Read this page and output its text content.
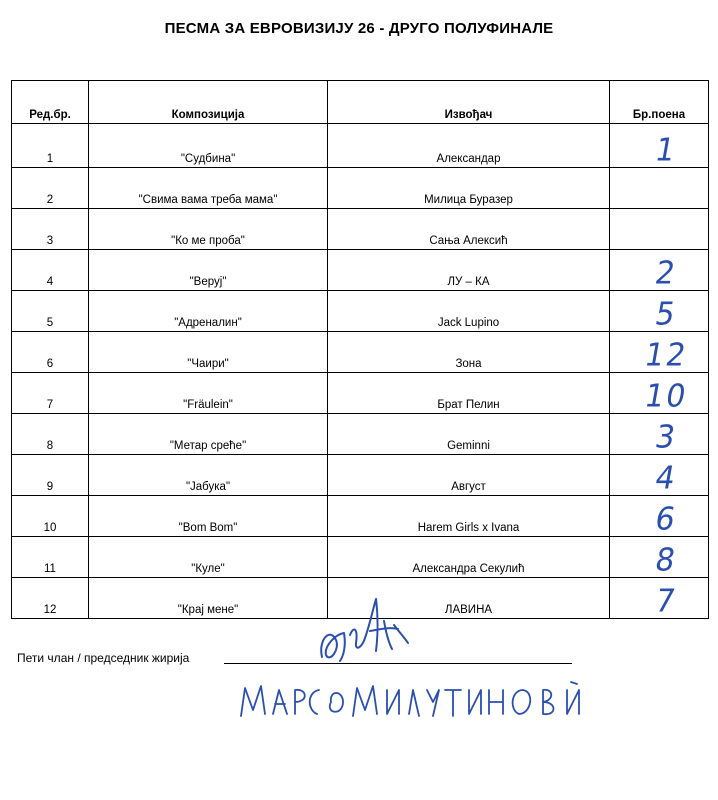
ПЕСМА ЗА ЕВРОВИЗИЈУ 26 - ДРУГО ПОЛУФИНАЛЕ
Ред.бр.	Композиција	Извођач	Бр.поена
1	"Судбина"	Александар	1

2	"Свима вама треба мама"	Милица Буразер	

3	"Ко ме проба"	Сања Алексић	

4	"Веруј"	ЛУ – КА	2

5	"Адреналин"	Jack Lupino	5

6	"Чаири"	Зона	12

7	"Fräulein"	Брат Пелин	10

8	"Метар среће"	Geminni	3

9	"Јабука"	Август	4

10	"Bom Bom"	Harem Girls x Ivana	6

11	"Куле"	Александра Секулић	8

12	"Крај мене"	ЛАВИНА	7
Пети члан / председник жирија
